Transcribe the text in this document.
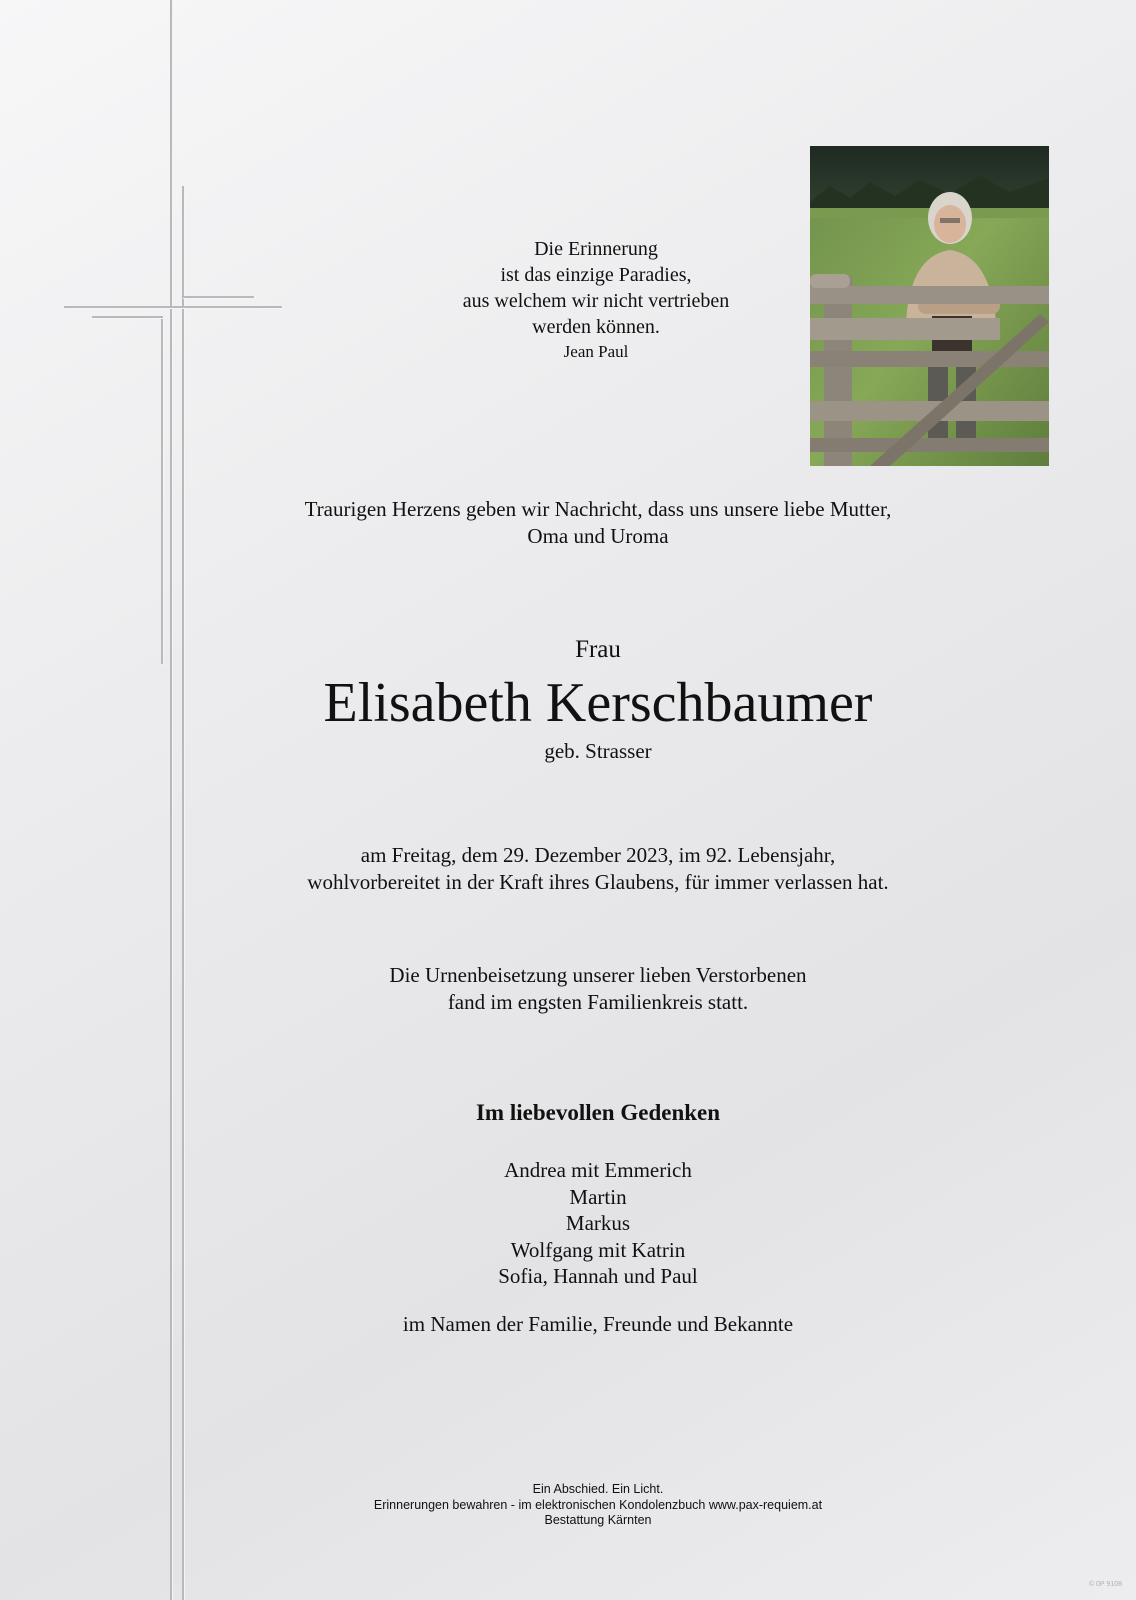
Die Erinnerung
ist das einzige Paradies,
aus welchem wir nicht vertrieben
werden können.
Jean Paul
Traurigen Herzens geben wir Nachricht, dass uns unsere liebe Mutter,
Oma und Uroma
Frau
Elisabeth Kerschbaumer
geb. Strasser
am Freitag, dem 29. Dezember 2023, im 92. Lebensjahr,
wohlvorbereitet in der Kraft ihres Glaubens, für immer verlassen hat.
Die Urnenbeisetzung unserer lieben Verstorbenen
fand im engsten Familienkreis statt.
Im liebevollen Gedenken
Andrea mit Emmerich
Martin
Markus
Wolfgang mit Katrin
Sofia, Hannah und Paul
im Namen der Familie, Freunde und Bekannte
Ein Abschied. Ein Licht.
Erinnerungen bewahren - im elektronischen Kondolenzbuch www.pax-requiem.at
Bestattung Kärnten
© 0P 9108
